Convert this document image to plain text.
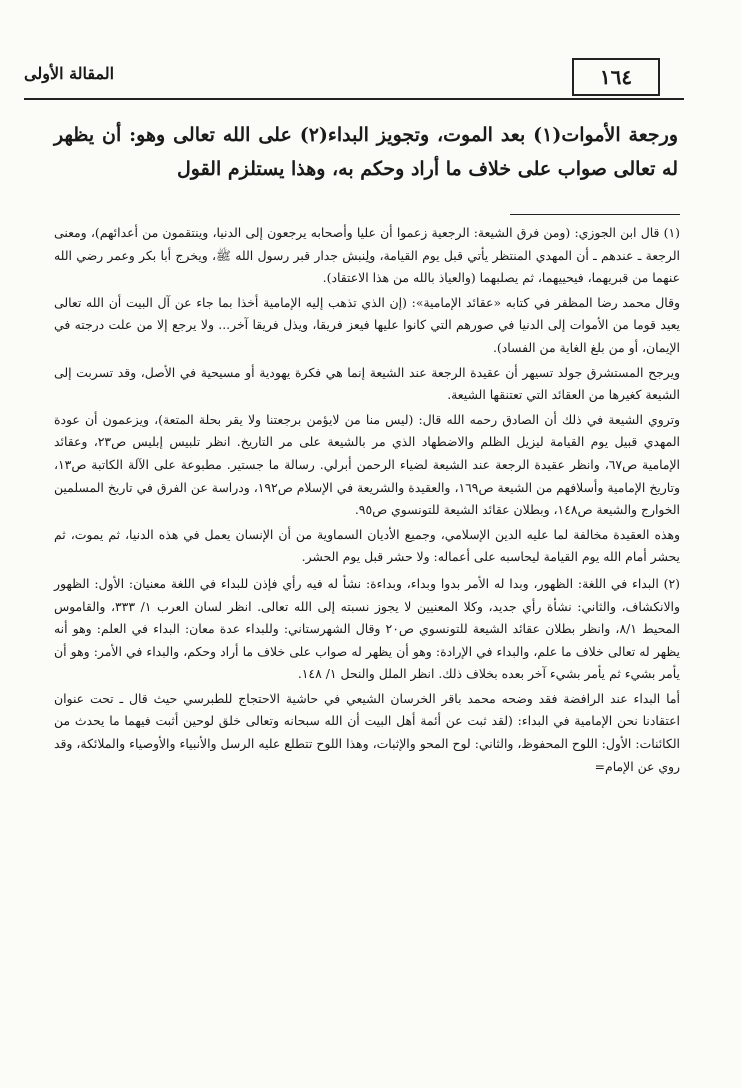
١٦٤
المقالة الأولى

ورجعة الأموات(١) بعد الموت، وتجويز البداء(٢) على الله تعالى وهو: أن يظهر له تعالى صواب على خلاف ما أراد وحكم به، وهذا يستلزم القول

(١) قال ابن الجوزي: (ومن فرق الشيعة: الرجعية زعموا أن عليا وأصحابه يرجعون إلى الدنيا، وينتقمون من أعدائهم)، ومعنى الرجعة ـ عندهم ـ أن المهدي المنتظر يأتي قبل يوم القيامة، ولِنبش جدار قبر رسول الله ﷺ، ويخرج أبا بكر وعمر رضي الله عنهما من قبريهما، فيحييهما، ثم يصلبهما (والعياذ بالله من هذا الاعتقاد).

وقال محمد رضا المظفر في كتابه «عقائد الإمامية»: (إن الذي تذهب إليه الإمامية أخذا بما جاء عن آل البيت أن الله تعالى يعيد قوما من الأموات إلى الدنيا في صورهم التي كانوا عليها فيعز فريقا، ويذل فريقا آخر... ولا يرجع إلا من علت درجته في الإيمان، أو من بلغ الغاية من الفساد).

ويرجح المستشرق جولد تسيهر أن عقيدة الرجعة عند الشيعة إنما هي فكرة يهودية أو مسيحية في الأصل، وقد تسربت إلى الشيعة كغيرها من العقائد التي تعتنقها الشيعة.

وتروي الشيعة في ذلك أن الصادق رحمه الله قال: (ليس منا من لايؤمن برجعتنا ولا يقر بحلة المتعة)، ويزعمون أن عودة المهدي قبيل يوم القيامة ليزيل الظلم والاضطهاد الذي مر بالشيعة على مر التاريخ. انظر تلبيس إبليس ص٢٣، وعقائد الإمامية ص٦٧، وانظر عقيدة الرجعة عند الشيعة لضياء الرحمن أبرلي. رسالة ما جستير. مطبوعة على الآلة الكاتبة ص١٣، وتاريخ الإمامية وأسلافهم من الشيعة ص١٦٩، والعقيدة والشريعة في الإسلام ص١٩٢، ودراسة عن الفرق في تاريخ المسلمين الخوارج والشيعة ص١٤٨، وبطلان عقائد الشيعة للتونسوي ص٩٥.

وهذه العقيدة مخالفة لما عليه الدين الإسلامي، وجميع الأديان السماوية من أن الإنسان يعمل في هذه الدنيا، ثم يموت، ثم يحشر أمام الله يوم القيامة ليحاسبه على أعماله: ولا حشر قبل يوم الحشر.

(٢) البداء في اللغة: الظهور، وبدا له الأمر بدوا وبداء، وبداءة: نشأ له فيه رأي فإذن للبداء في اللغة معنيان: الأول: الظهور والانكشاف، والثاني: نشأة رأي جديد، وكلا المعنيين لا يجوز نسبته إلى الله تعالى. انظر لسان العرب ١/ ٣٣٣، والقاموس المحيط ٨/١، وانظر بطلان عقائد الشيعة للتونسوي ص٢٠ وقال الشهرستاني: وللبداء عدة معان: البداء في العلم: وهو أنه يظهر له تعالى خلاف ما علم، والبداء في الإرادة: وهو أن يظهر له صواب على خلاف ما أراد وحكم، والبداء في الأمر: وهو أن يأمر بشيء ثم يأمر بشيء آخر بعده بخلاف ذلك. انظر الملل والنحل ١/ ١٤٨.

أما البداء عند الرافضة فقد وضحه محمد باقر الخرسان الشيعي في حاشية الاحتجاج للطبرسي حيث قال ـ تحت عنوان اعتقادنا نحن الإمامية في البداء: (لقد ثبت عن أئمة أهل البيت أن الله سبحانه وتعالى خلق لوحين أثبت فيهما ما يحدث من الكائنات: الأول: اللوح المحفوظ، والثاني: لوح المحو والإثبات، وهذا اللوح تتطلع عليه الرسل والأنبياء والأوصياء والملائكة، وقد روي عن الإمام=
